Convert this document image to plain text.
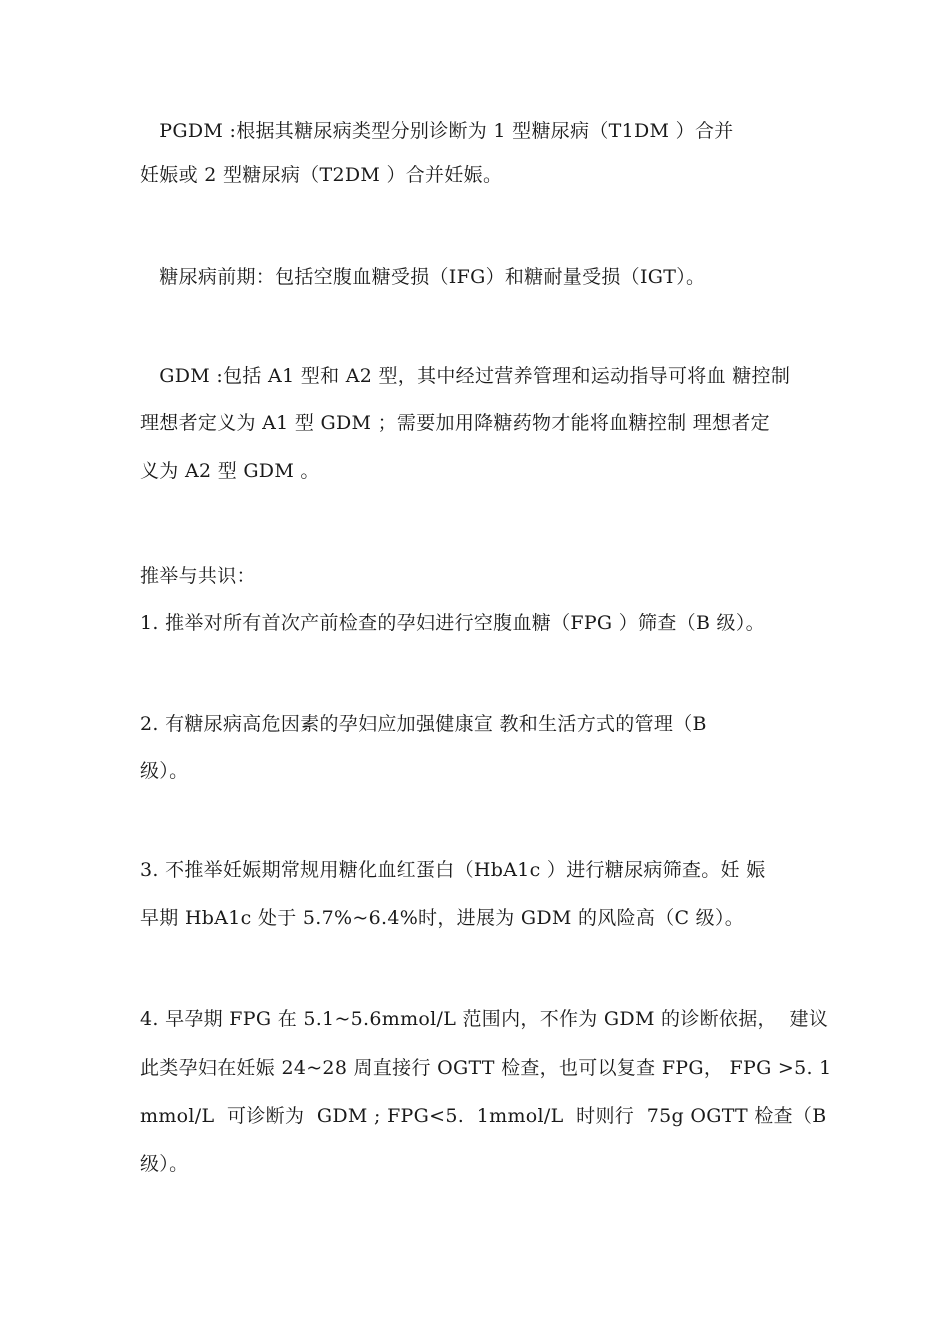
　PGDM :根据其糖尿病类型分别诊断为 1 型糖尿病（T1DM ）合并
妊娠或 2 型糖尿病（T2DM ）合并妊娠。
　糖尿病前期：包括空腹血糖受损（IFG）和糖耐量受损（IGT）。
　GDM :包括 A1 型和 A2 型，其中经过营养管理和运动指导可将血 糖控制
理想者定义为 A1 型 GDM ；需要加用降糖药物才能将血糖控制 理想者定
义为 A2 型 GDM 。
推举与共识：
1. 推举对所有首次产前检查的孕妇进行空腹血糖（FPG ）筛查（B 级）。
2. 有糖尿病高危因素的孕妇应加强健康宣 教和生活方式的管理（B
级）。
3. 不推举妊娠期常规用糖化血红蛋白（HbA1c ）进行糖尿病筛查。妊 娠
早期 HbA1c 处于 5.7%~6.4%时，进展为 GDM 的风险高（C 级）。
4. 早孕期 FPG 在 5.1~5.6mmol/L 范围内，不作为 GDM 的诊断依据，  建议
此类孕妇在妊娠 24~28 周直接行 OGTT 检查，也可以复查 FPG， FPG >5. 1
mmol/L  可诊断为  GDM ; FPG<5.  1mmol/L  时则行  75g OGTT 检查（B
级）。
